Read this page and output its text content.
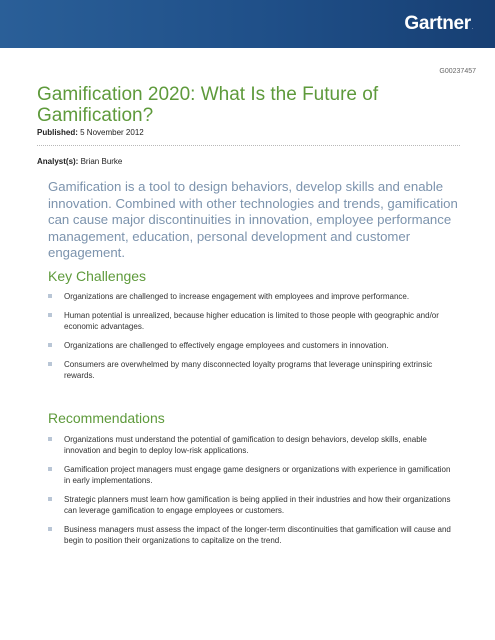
Gartner.
G00237457
Gamification 2020: What Is the Future of Gamification?
Published: 5 November 2012
Analyst(s): Brian Burke

Gamification is a tool to design behaviors, develop skills and enable innovation. Combined with other technologies and trends, gamification can cause major discontinuities in innovation, employee performance management, education, personal development and customer engagement.

Key Challenges
Organizations are challenged to increase engagement with employees and improve performance.
Human potential is unrealized, because higher education is limited to those people with geographic and/or economic advantages.
Organizations are challenged to effectively engage employees and customers in innovation.
Consumers are overwhelmed by many disconnected loyalty programs that leverage uninspiring extrinsic rewards.
Recommendations
Organizations must understand the potential of gamification to design behaviors, develop skills, enable innovation and begin to deploy low-risk applications.
Gamification project managers must engage game designers or organizations with experience in gamification in early implementations.
Strategic planners must learn how gamification is being applied in their industries and how their organizations can leverage gamification to engage employees or customers.
Business managers must assess the impact of the longer-term discontinuities that gamification will cause and begin to position their organizations to capitalize on the trend.
